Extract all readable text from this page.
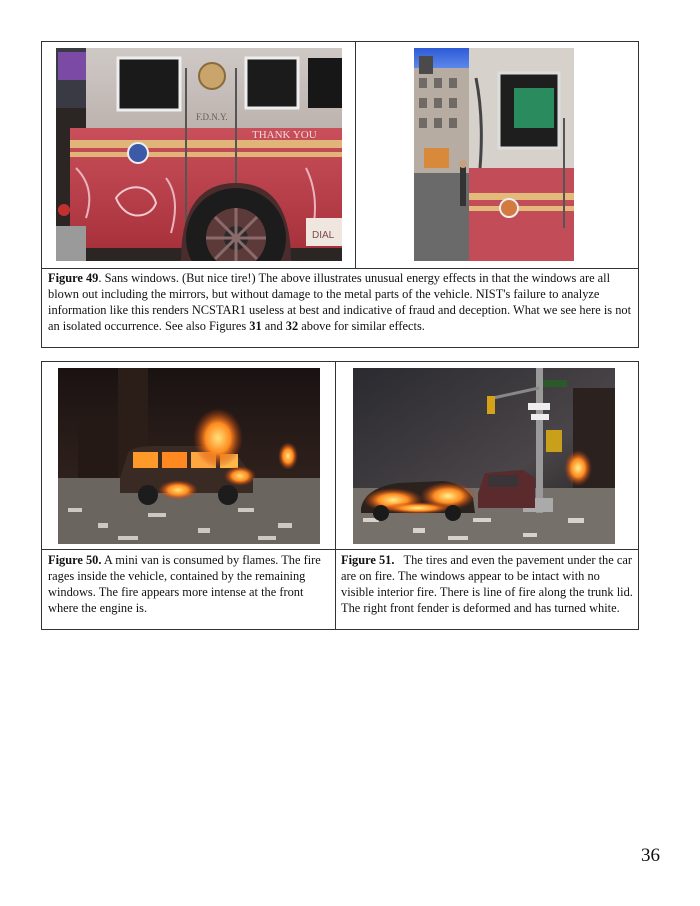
F.D.N.Y.
THANK YOU
DIAL
Figure 49. Sans windows. (But nice tire!) The above illustrates unusual energy effects in that the windows are all blown out including the mirrors, but without damage to the metal parts of the vehicle. NIST's failure to analyze information like this renders NCSTAR1 useless at best and indicative of fraud and deception. What we see here is not an isolated occurrence. See also Figures 31 and 32 above for similar effects.
Figure 50. A mini van is consumed by flames. The fire rages inside the vehicle, contained by the remaining windows. The fire appears more intense at the front where the engine is.
Figure 51.   The tires and even the pavement under the car are on fire. The windows appear to be intact with no visible interior fire. There is line of fire along the trunk lid. The right front fender is deformed and has turned white.
36
